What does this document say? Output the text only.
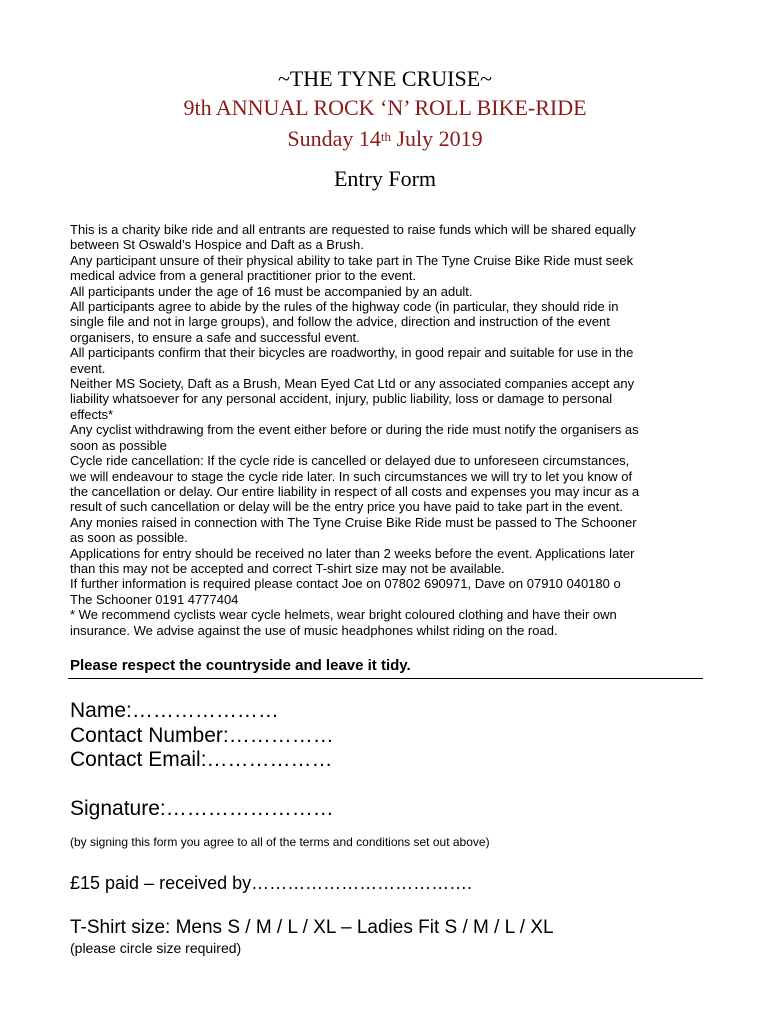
~THE TYNE CRUISE~
9th ANNUAL ROCK ‘N’ ROLL BIKE-RIDE
Sunday 14th July 2019
Entry Form

This is a charity bike ride and all entrants are requested to raise funds which will be shared equally

between St Oswald’s Hospice and Daft as a Brush.

Any participant unsure of their physical ability to take part in The Tyne Cruise Bike Ride must seek

medical advice from a general practitioner prior to the event.

All participants under the age of 16 must be accompanied by an adult.

All participants agree to abide by the rules of the highway code (in particular, they should ride in

single file and not in large groups), and follow the advice, direction and instruction of the event

organisers, to ensure a safe and successful event.

All participants confirm that their bicycles are roadworthy, in good repair and suitable for use in the

event.

Neither MS Society, Daft as a Brush, Mean Eyed Cat Ltd or any associated companies accept any

liability whatsoever for any personal accident, injury, public liability, loss or damage to personal

effects*

Any cyclist withdrawing from the event either before or during the ride must notify the organisers as

soon as possible

Cycle ride cancellation: If the cycle ride is cancelled or delayed due to unforeseen circumstances,

we will endeavour to stage the cycle ride later. In such circumstances we will try to let you know of

the cancellation or delay. Our entire liability in respect of all costs and expenses you may incur as a

result of such cancellation or delay will be the entry price you have paid to take part in the event.

Any monies raised in connection with The Tyne Cruise Bike Ride must be passed to The Schooner

as soon as possible.

Applications for entry should be received no later than 2 weeks before the event. Applications later

than this may not be accepted and correct T-shirt size may not be available.

If further information is required please contact Joe on 07802 690971, Dave on 07910 040180 o

The Schooner 0191 4777404

* We recommend cyclists wear cycle helmets, wear bright coloured clothing and have their own

insurance. We advise against the use of music headphones whilst riding on the road.

Please respect the countryside and leave it tidy.
Name:…………………
Contact Number:……………
Contact Email:………………
Signature:……………………
(by signing this form you agree to all of the terms and conditions set out above)
£15 paid – received by……………………………….
T-Shirt size: Mens S / M / L / XL – Ladies Fit S / M / L / XL
(please circle size required)
